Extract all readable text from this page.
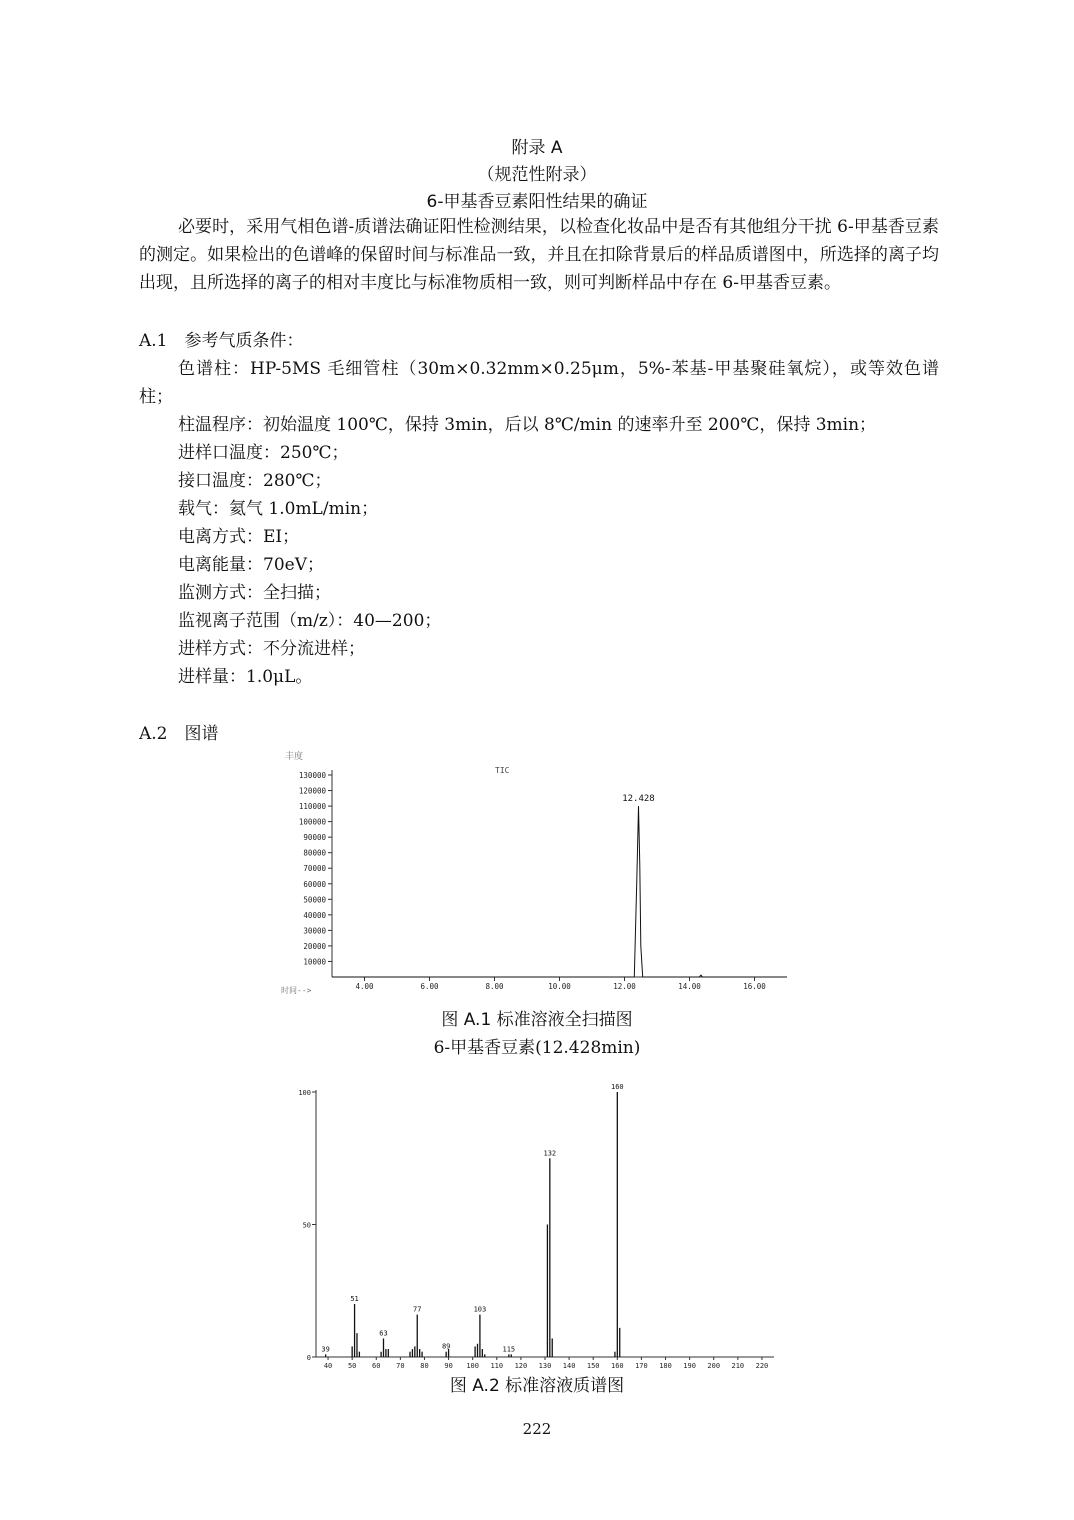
附录 A
（规范性附录）
6-甲基香豆素阳性结果的确证
必要时，采用气相色谱-质谱法确证阳性检测结果，以检查化妆品中是否有其他组分干扰 6-甲基香豆素的测定。如果检出的色谱峰的保留时间与标准品一致，并且在扣除背景后的样品质谱图中，所选择的离子均出现，且所选择的离子的相对丰度比与标准物质相一致，则可判断样品中存在 6-甲基香豆素。
A.1　参考气质条件：
色谱柱：HP-5MS 毛细管柱（30m×0.32mm×0.25μm，5%-苯基-甲基聚硅氧烷），或等效色谱柱；
柱温程序：初始温度 100℃，保持 3min，后以 8℃/min 的速率升至 200℃，保持 3min；
进样口温度：250℃；
接口温度：280℃；
载气：氦气 1.0mL/min；
电离方式：EI；
电离能量：70eV；
监测方式：全扫描；
监视离子范围（m/z）：40—200；
进样方式：不分流进样；
进样量：1.0μL。
A.2　图谱
丰度
TIC
时间-->
10000
20000
30000
40000
50000
60000
70000
80000
90000
100000
110000
120000
130000
4.00	6.00	8.00	10.00	12.00	14.00	16.00
12.428
图 A.1 标准溶液全扫描图
6-甲基香豆素(12.428min)
0
50
100
40 50 60 70 80 90 100 110 120 130 140 150 160 170 180 190 200 210 220
39
51
63
77
89
103
115
132
160
图 A.2 标准溶液质谱图
222
